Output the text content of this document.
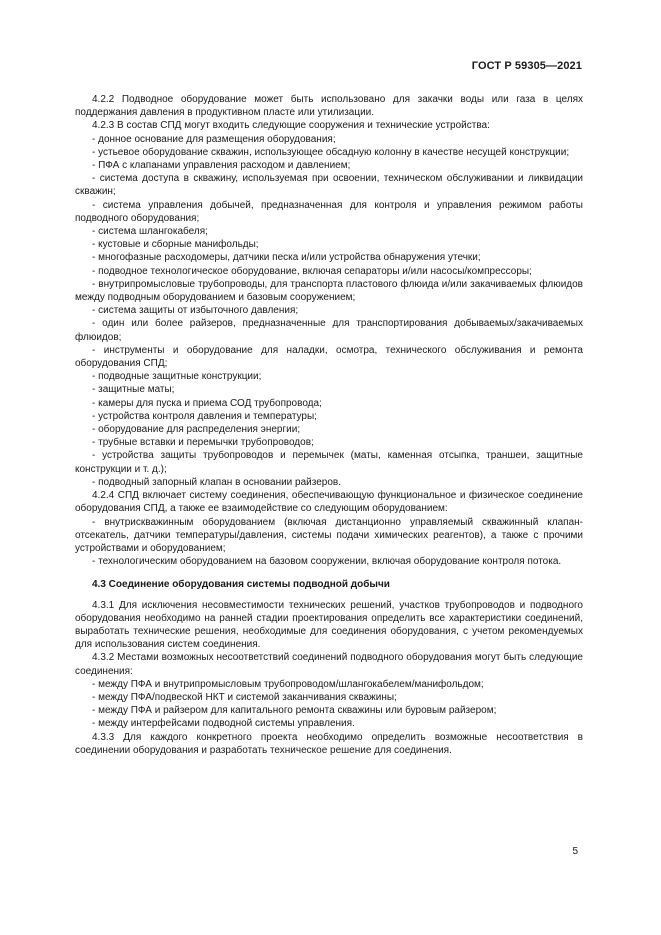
ГОСТ Р 59305—2021

4.2.2 Подводное оборудование может быть использовано для закачки воды или газа в целях поддержания давления в продуктивном пласте или утилизации.

4.2.3 В состав СПД могут входить следующие сооружения и технические устройства:

- донное основание для размещения оборудования;

- устьевое оборудование скважин, использующее обсадную колонну в качестве несущей конструкции;

- ПФА с клапанами управления расходом и давлением;

- система доступа в скважину, используемая при освоении, техническом обслуживании и ликвидации скважин;

- система управления добычей, предназначенная для контроля и управления режимом работы подводного оборудования;

- система шлангокабеля;

- кустовые и сборные манифольды;

- многофазные расходомеры, датчики песка и/или устройства обнаружения утечки;

- подводное технологическое оборудование, включая сепараторы и/или насосы/компрессоры;

- внутрипромысловые трубопроводы, для транспорта пластового флюида и/или закачиваемых флюидов между подводным оборудованием и базовым сооружением;

- система защиты от избыточного давления;

- один или более райзеров, предназначенные для транспортирования добываемых/закачиваемых флюидов;

- инструменты и оборудование для наладки, осмотра, технического обслуживания и ремонта оборудования СПД;

- подводные защитные конструкции;

- защитные маты;

- камеры для пуска и приема СОД трубопровода;

- устройства контроля давления и температуры;

- оборудование для распределения энергии;

- трубные вставки и перемычки трубопроводов;

- устройства защиты трубопроводов и перемычек (маты, каменная отсыпка, траншеи, защитные конструкции и т. д.);

- подводный запорный клапан в основании райзеров.

4.2.4 СПД включает систему соединения, обеспечивающую функциональное и физическое соединение оборудования СПД, а также ее взаимодействие со следующим оборудованием:

- внутрискважинным оборудованием (включая дистанционно управляемый скважинный клапан-отсекатель, датчики температуры/давления, системы подачи химических реагентов), а также с прочими устройствами и оборудованием;

- технологическим оборудованием на базовом сооружении, включая оборудование контроля потока.

4.3 Соединение оборудования системы подводной добычи

4.3.1 Для исключения несовместимости технических решений, участков трубопроводов и подводного оборудования необходимо на ранней стадии проектирования определить все характеристики соединений, выработать технические решения, необходимые для соединения оборудования, с учетом рекомендуемых для использования систем соединения.

4.3.2 Местами возможных несоответствий соединений подводного оборудования могут быть следующие соединения:

- между ПФА и внутрипромысловым трубопроводом/шлангокабелем/манифольдом;

- между ПФА/подвеской НКТ и системой заканчивания скважины;

- между ПФА и райзером для капитального ремонта скважины или буровым райзером;

- между интерфейсами подводной системы управления.

4.3.3 Для каждого конкретного проекта необходимо определить возможные несоответствия в соединении оборудования и разработать техническое решение для соединения.

5
